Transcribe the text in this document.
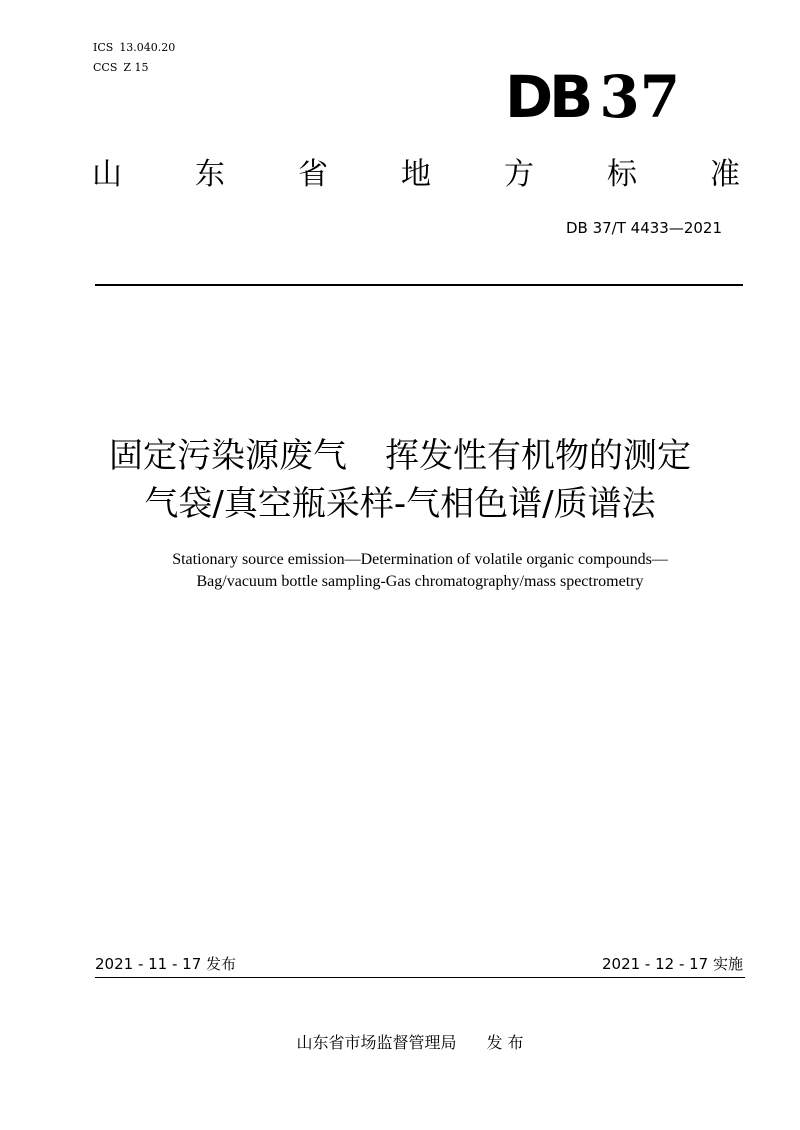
ICS 13.040.20
CCS Z 15	DB 37
山 东 省 地 方 标 准
DB 37/T 4433—2021
固定污染源废气 挥发性有机物的测定
气袋/真空瓶采样-气相色谱/质谱法
Stationary source emission—Determination of volatile organic compounds—
Bag/vacuum bottle sampling-Gas chromatography/mass spectrometry
2021 - 11 - 17 发布	2021 - 12 - 17 实施
山东省市场监督管理局 发 布
